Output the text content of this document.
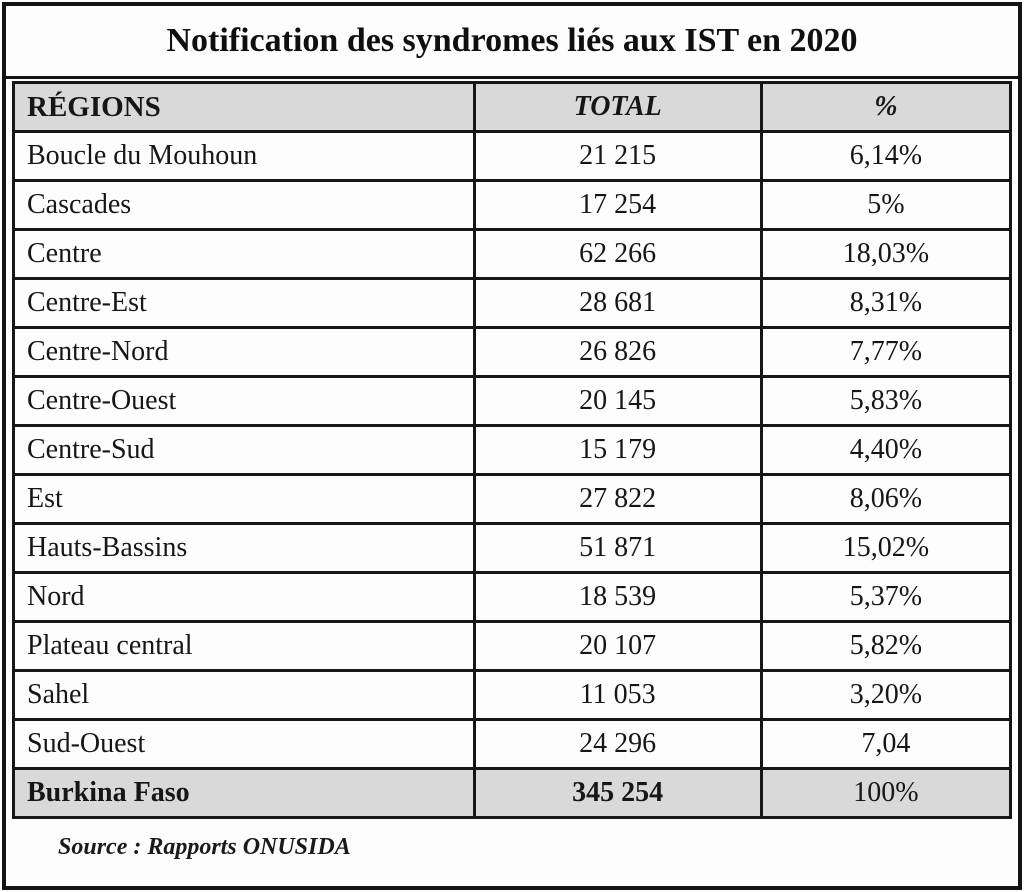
Notification des syndromes liés aux IST en 2020
RÉGIONS	TOTAL	%
Boucle du Mouhoun	21 215	6,14%
Cascades	17 254	5%
Centre	62 266	18,03%
Centre-Est	28 681	8,31%
Centre-Nord	26 826	7,77%
Centre-Ouest	20 145	5,83%
Centre-Sud	15 179	4,40%
Est	27 822	8,06%
Hauts-Bassins	51 871	15,02%
Nord	18 539	5,37%
Plateau central	20 107	5,82%
Sahel	11 053	3,20%
Sud-Ouest	24 296	7,04
Burkina Faso	345 254	100%
Source : Rapports ONUSIDA
